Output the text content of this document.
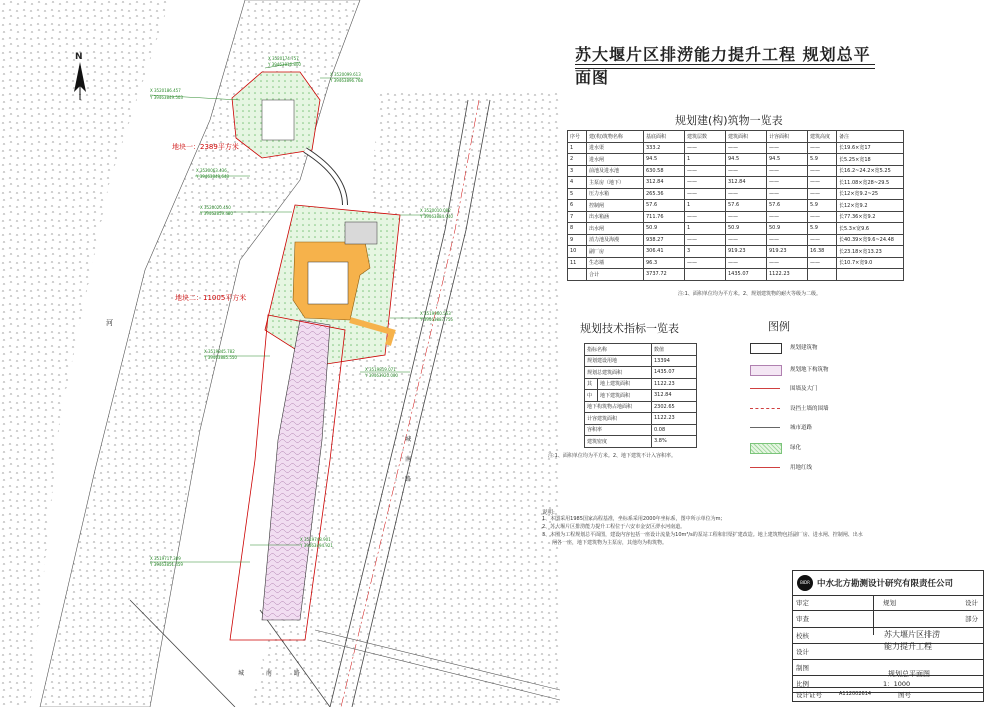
N
地块一：2389平方米
地块二：11005平方米
河
城 南 路
城 南 路
X 3520174.757
Y 39463816.800
X 3520186.457
Y 39463849.503
X 3520099.613
Y 39463896.768
X 3520063.436
Y 39463849.648
X 3520020.450
Y 39463859.480
X 3520010.082
Y 39463884.040
X 3519960.563
Y 39463887.755
X 3519845.782
Y 39463885.550
X 3519819.071
Y 39463920.000
X 3519748.901
Y 39463894.921
X 3519717.389
Y 39463851.459
苏大堰片区排涝能力提升工程 规划总平面图
规划建(构)筑物一览表
序号	建(构)筑物名称	基底面积	建筑层数	建筑面积	计容面积	建筑高度	备注
1	进水渠	333.2	——	——	——	——	长19.6×宽17
2	进水闸	94.5	1	94.5	94.5	5.9	长5.25×宽18
3	前池及进水池	630.58	——	——	——	——	长16.2~24.2×宽5.25
4	主泵房（地下）	312.84	——	312.84	——	——	长11.08×宽28~29.5
5	压力水箱	265.36	——	——	——	——	长12×宽9.2~25
6	控制闸	57.6	1	57.6	57.6	5.9	长12×宽9.2
7	出水箱涵	711.76	——	——	——	——	长77.36×宽9.2
8	出水闸	50.9	1	50.9	50.9	5.9	长5.3×宽9.6
9	消力池及海漫	938.27	——	——	——	——	长40.39×宽9.6~24.48
10	副厂房	306.41	3	919.23	919.23	16.38	长23.18×宽13.23
11	生态墙	96.3	——	——	——	——	长10.7×宽9.0
	合计	3737.72		1435.07	1122.23		
注:1、面积单位均为平方米。2、规划建筑物的耐火等级为二级。
规划技术指标一览表
指标名称		数值
规划建设用地		13394
规划总建筑面积		1435.07
其	地上建筑面积	1122.23
中	地下建筑面积	312.84
地下构筑物占地面积		2302.65
计容建筑面积		1122.23
容积率		0.08
建筑密度		3.8%
注:1、面积单位均为平方米。2、地下建筑不计入容积率。
图例
规划建筑物
规划地下构筑物
围墙及大门
设挡土墙的围墙
城市道路
绿化
用地红线
说明:
1、本图采用1985国家高程基准，坐标系采用2000年坐标系，图中所示单位为m;
2、苏大堰片区排涝能力提升工程位于六安市金安区淠水河南道。
3、本图为工程规划总平面图，建设内容包括一座设计流量为10m³/s的泵站工程和旧渠扩建改造。地上建筑物包括副厂房、进水闸、控制闸、出水
闸各一座，地下建筑物为主泵房，其他均为构筑物。
BIDR 中水北方勘测设计研究有限责任公司
审定	规划	设计
审查	部分
校核
设计
制图
比例	1：1000
苏大堰片区排涝
能力提升工程
规划总平面图
设计证号	A112002614	图号
